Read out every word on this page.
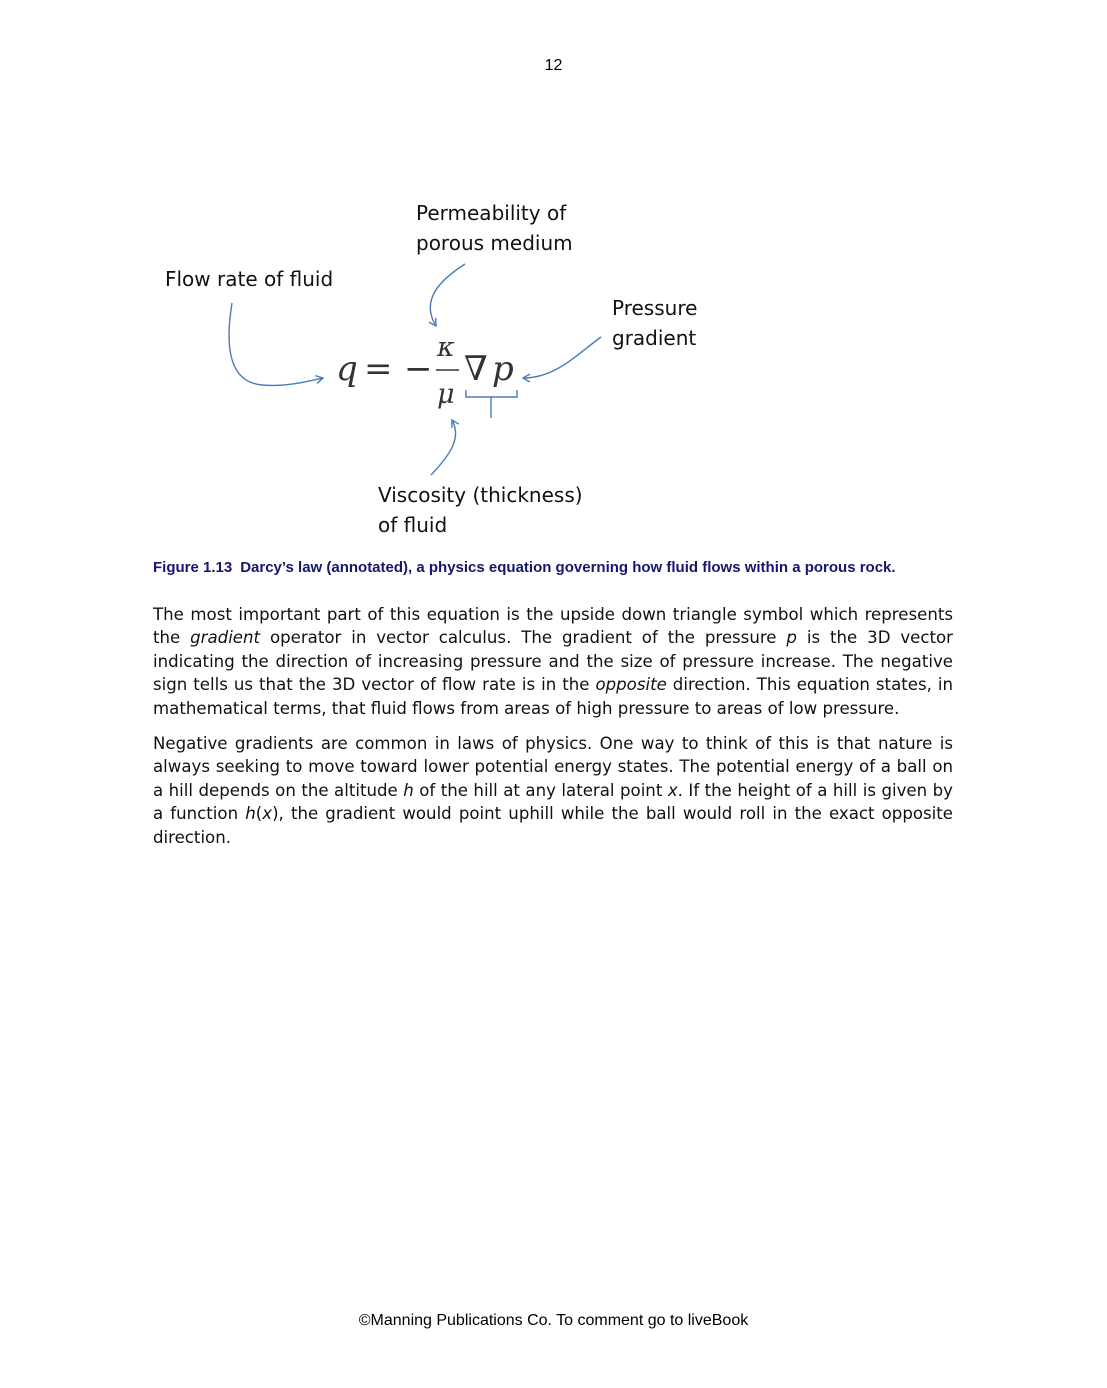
12
Permeability of
porous medium
Flow rate of fluid
Pressure
gradient
Viscosity (thickness)
of fluid
q = −
κ
μ
∇ p
Figure 1.13 Darcy’s law (annotated), a physics equation governing how fluid flows within a porous rock.

The most important part of this equation is the upside down triangle symbol which represents the gradient operator in vector calculus. The gradient of the pressure p is the 3D vector indicating the direction of increasing pressure and the size of pressure increase. The negative sign tells us that the 3D vector of flow rate is in the opposite direction. This equation states, in mathematical terms, that fluid flows from areas of high pressure to areas of low pressure.

Negative gradients are common in laws of physics. One way to think of this is that nature is always seeking to move toward lower potential energy states. The potential energy of a ball on a hill depends on the altitude h of the hill at any lateral point x. If the height of a hill is given by a function h(x), the gradient would point uphill while the ball would roll in the exact opposite direction.

©Manning Publications Co. To comment go to liveBook
